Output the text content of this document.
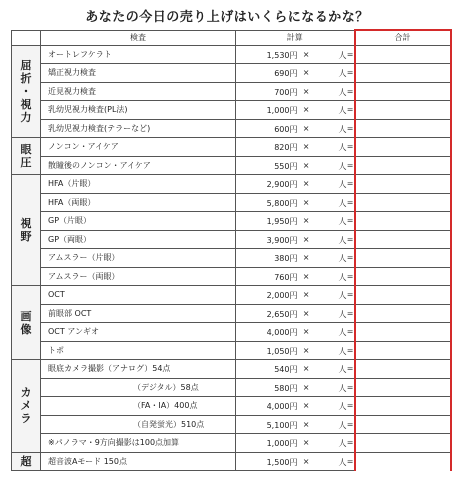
あなたの今日の売り上げはいくらになるかな？
	検査	計算	合計
屈
折
・
視
力	オートレフケラト	1,530円 × 人 =	

	矯正視力検査	690円 × 人 =	

	近見視力検査	700円 × 人 =	

	乳幼児視力検査(PL法)	1,000円 × 人 =	

	乳幼児視力検査(テラーなど)	600円 × 人 =	

眼
圧	ノンコン・アイケア	820円 × 人 =	

	散瞳後のノンコン・アイケア	550円 × 人 =	

視
野	HFA（片眼）	2,900円 × 人 =	

	HFA（両眼）	5,800円 × 人 =	

	GP（片眼）	1,950円 × 人 =	

	GP（両眼）	3,900円 × 人 =	

	アムスラー（片眼）	380円 × 人 =	

	アムスラー（両眼）	760円 × 人 =	

画
像	OCT	2,000円 × 人 =	

	前眼部 OCT	2,650円 × 人 =	

	OCT アンギオ	4,000円 × 人 =	

	トポ	1,050円 × 人 =	

カ
メ
ラ	眼底カメラ撮影（アナログ）54点	540円 × 人 =	

	（デジタル）58点	580円 × 人 =	

	（FA・IA）400点	4,000円 × 人 =	

	（自発蛍光）510点	5,100円 × 人 =	

	※パノラマ・9方向撮影は100点加算	1,000円 × 人 =	

超	超音波Aモード 150点	1,500円 × 人 =	
